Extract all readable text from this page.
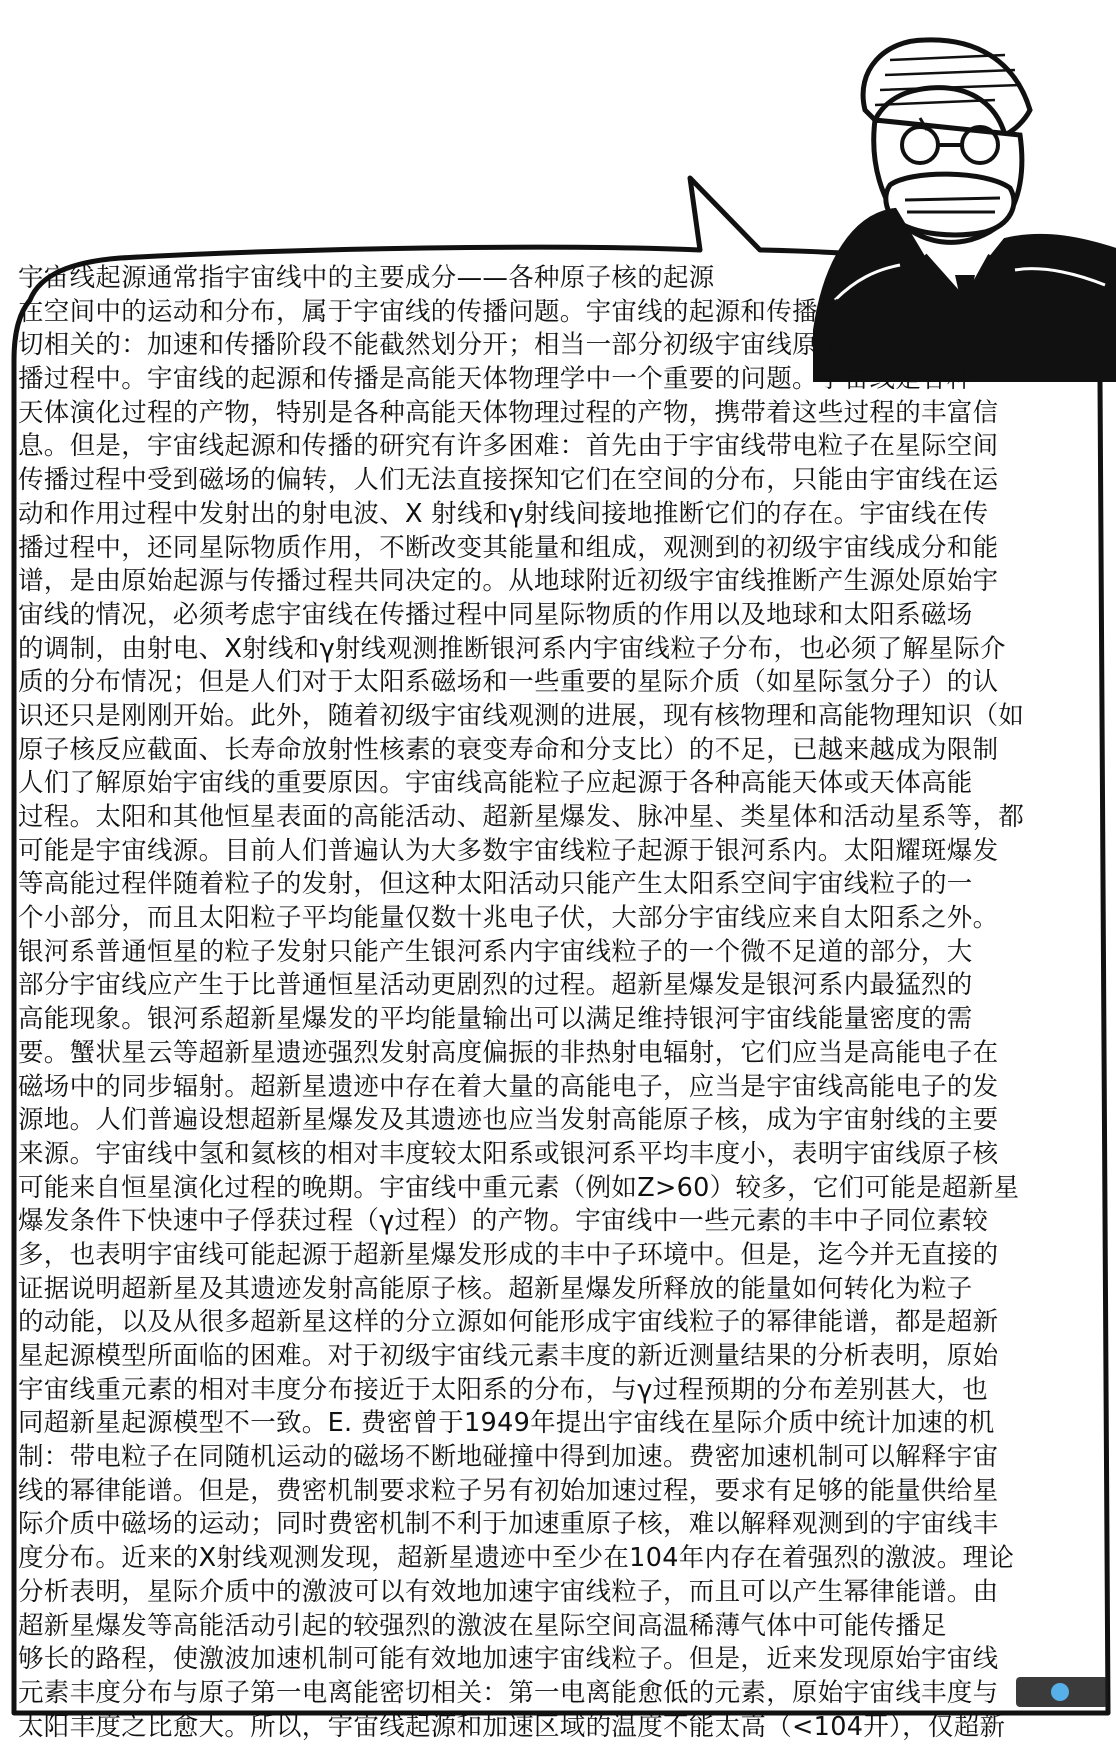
宇宙线起源通常指宇宙线中的主要成分——各种原子核的起源
在空间中的运动和分布，属于宇宙线的传播问题。宇宙线的起源和传播是
切相关的：加速和传播阶段不能截然划分开；相当一部分初级宇宙线原子核是在
播过程中。宇宙线的起源和传播是高能天体物理学中一个重要的问题。宇宙线是各种
天体演化过程的产物，特别是各种高能天体物理过程的产物，携带着这些过程的丰富信
息。但是，宇宙线起源和传播的研究有许多困难：首先由于宇宙线带电粒子在星际空间
传播过程中受到磁场的偏转，人们无法直接探知它们在空间的分布，只能由宇宙线在运
动和作用过程中发射出的射电波、X 射线和γ射线间接地推断它们的存在。宇宙线在传
播过程中，还同星际物质作用，不断改变其能量和组成，观测到的初级宇宙线成分和能
谱，是由原始起源与传播过程共同决定的。从地球附近初级宇宙线推断产生源处原始宇
宙线的情况，必须考虑宇宙线在传播过程中同星际物质的作用以及地球和太阳系磁场
的调制，由射电、X射线和γ射线观测推断银河系内宇宙线粒子分布，也必须了解星际介
质的分布情况；但是人们对于太阳系磁场和一些重要的星际介质（如星际氢分子）的认
识还只是刚刚开始。此外，随着初级宇宙线观测的进展，现有核物理和高能物理知识（如
原子核反应截面、长寿命放射性核素的衰变寿命和分支比）的不足，已越来越成为限制
人们了解原始宇宙线的重要原因。宇宙线高能粒子应起源于各种高能天体或天体高能
过程。太阳和其他恒星表面的高能活动、超新星爆发、脉冲星、类星体和活动星系等，都
可能是宇宙线源。目前人们普遍认为大多数宇宙线粒子起源于银河系内。太阳耀斑爆发
等高能过程伴随着粒子的发射，但这种太阳活动只能产生太阳系空间宇宙线粒子的一
个小部分，而且太阳粒子平均能量仅数十兆电子伏，大部分宇宙线应来自太阳系之外。
银河系普通恒星的粒子发射只能产生银河系内宇宙线粒子的一个微不足道的部分，大
部分宇宙线应产生于比普通恒星活动更剧烈的过程。超新星爆发是银河系内最猛烈的
高能现象。银河系超新星爆发的平均能量输出可以满足维持银河宇宙线能量密度的需
要。蟹状星云等超新星遗迹强烈发射高度偏振的非热射电辐射，它们应当是高能电子在
磁场中的同步辐射。超新星遗迹中存在着大量的高能电子，应当是宇宙线高能电子的发
源地。人们普遍设想超新星爆发及其遗迹也应当发射高能原子核，成为宇宙射线的主要
来源。宇宙线中氢和氦核的相对丰度较太阳系或银河系平均丰度小，表明宇宙线原子核
可能来自恒星演化过程的晚期。宇宙线中重元素（例如Z>60）较多，它们可能是超新星
爆发条件下快速中子俘获过程（γ过程）的产物。宇宙线中一些元素的丰中子同位素较
多，也表明宇宙线可能起源于超新星爆发形成的丰中子环境中。但是，迄今并无直接的
证据说明超新星及其遗迹发射高能原子核。超新星爆发所释放的能量如何转化为粒子
的动能，以及从很多超新星这样的分立源如何能形成宇宙线粒子的幂律能谱，都是超新
星起源模型所面临的困难。对于初级宇宙线元素丰度的新近测量结果的分析表明，原始
宇宙线重元素的相对丰度分布接近于太阳系的分布，与γ过程预期的分布差别甚大，也
同超新星起源模型不一致。E. 费密曾于1949年提出宇宙线在星际介质中统计加速的机
制：带电粒子在同随机运动的磁场不断地碰撞中得到加速。费密加速机制可以解释宇宙
线的幂律能谱。但是，费密机制要求粒子另有初始加速过程，要求有足够的能量供给星
际介质中磁场的运动；同时费密机制不利于加速重原子核，难以解释观测到的宇宙线丰
度分布。近来的X射线观测发现，超新星遗迹中至少在104年内存在着强烈的激波。理论
分析表明，星际介质中的激波可以有效地加速宇宙线粒子，而且可以产生幂律能谱。由
超新星爆发等高能活动引起的较强烈的激波在星际空间高温稀薄气体中可能传播足
够长的路程，使激波加速机制可能有效地加速宇宙线粒子。但是，近来发现原始宇宙线
元素丰度分布与原子第一电离能密切相关：第一电离能愈低的元素，原始宇宙线丰度与
太阳丰度之比愈大。所以，宇宙线起源和加速区域的温度不能太高（<104开），仅超新
